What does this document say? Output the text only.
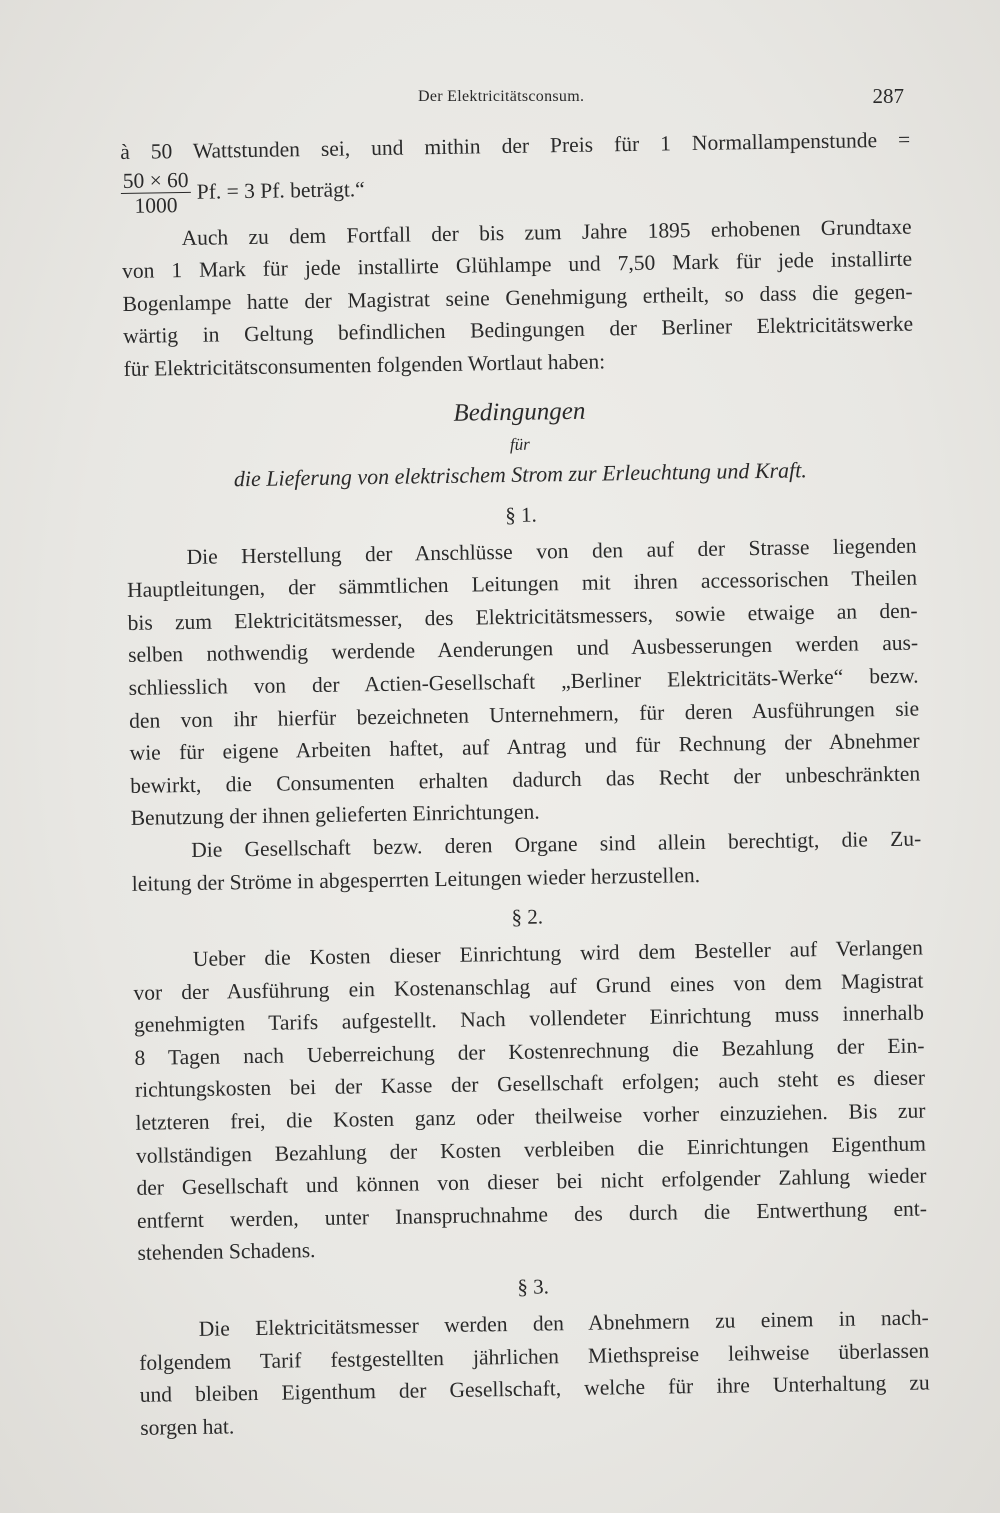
Der Elektricitätsconsum.	287
à 50 Wattstunden sei, und mithin der Preis für 1 Normallampenstunde =
$\frac{50 \times 60}{1000} Pf$. = 3 Pf. beträgt.“
Auch zu dem Fortfall der bis zum Jahre 1895 erhobenen Grundtaxe
von 1 Mark für jede installirte Glühlampe und 7,50 Mark für jede installirte
Bogenlampe hatte der Magistrat seine Genehmigung ertheilt, so dass die gegen-
wärtig in Geltung befindlichen Bedingungen der Berliner Elektricitätswerke
für Elektricitätsconsumenten folgenden Wortlaut haben:
Bedingungen
für
die Lieferung von elektrischem Strom zur Erleuchtung und Kraft.
§ 1.
Die Herstellung der Anschlüsse von den auf der Strasse liegenden
Hauptleitungen, der sämmtlichen Leitungen mit ihren accessorischen Theilen
bis zum Elektricitätsmesser, des Elektricitätsmessers, sowie etwaige an den-
selben nothwendig werdende Aenderungen und Ausbesserungen werden aus-
schliesslich von der Actien-Gesellschaft „Berliner Elektricitäts-Werke“ bezw.
den von ihr hierfür bezeichneten Unternehmern, für deren Ausführungen sie
wie für eigene Arbeiten haftet, auf Antrag und für Rechnung der Abnehmer
bewirkt, die Consumenten erhalten dadurch das Recht der unbeschränkten
Benutzung der ihnen gelieferten Einrichtungen.
Die Gesellschaft bezw. deren Organe sind allein berechtigt, die Zu-
leitung der Ströme in abgesperrten Leitungen wieder herzustellen.
§ 2.
Ueber die Kosten dieser Einrichtung wird dem Besteller auf Verlangen
vor der Ausführung ein Kostenanschlag auf Grund eines von dem Magistrat
genehmigten Tarifs aufgestellt. Nach vollendeter Einrichtung muss innerhalb
8 Tagen nach Ueberreichung der Kostenrechnung die Bezahlung der Ein-
richtungskosten bei der Kasse der Gesellschaft erfolgen; auch steht es dieser
letzteren frei, die Kosten ganz oder theilweise vorher einzuziehen. Bis zur
vollständigen Bezahlung der Kosten verbleiben die Einrichtungen Eigenthum
der Gesellschaft und können von dieser bei nicht erfolgender Zahlung wieder
entfernt werden, unter Inanspruchnahme des durch die Entwerthung ent-
stehenden Schadens.
§ 3.
Die Elektricitätsmesser werden den Abnehmern zu einem in nach-
folgendem Tarif festgestellten jährlichen Miethspreise leihweise überlassen
und bleiben Eigenthum der Gesellschaft, welche für ihre Unterhaltung zu
sorgen hat.
